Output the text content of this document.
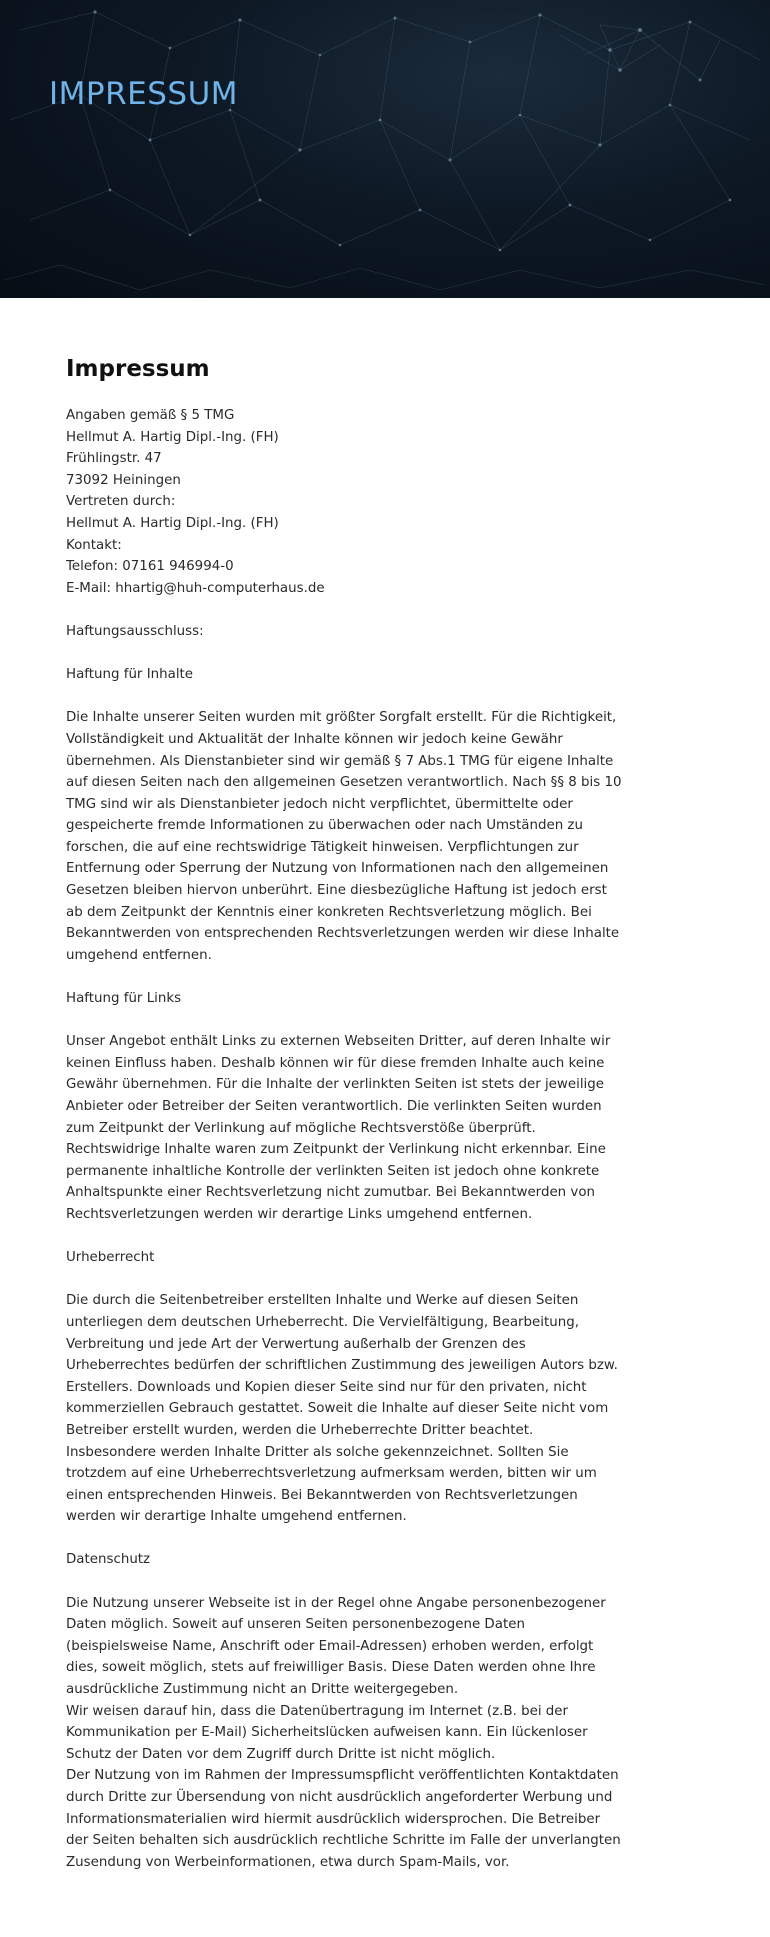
IMPRESSUM
Impressum
Angaben gemäß § 5 TMG
Hellmut A. Hartig Dipl.-Ing. (FH)
Frühlingstr. 47
73092 Heiningen
Vertreten durch:
Hellmut A. Hartig Dipl.-Ing. (FH)
Kontakt:
Telefon: 07161 946994-0
E-Mail: hhartig@huh-computerhaus.de
Haftungsausschluss:
Haftung für Inhalte
Die Inhalte unserer Seiten wurden mit größter Sorgfalt erstellt. Für die Richtigkeit, Vollständigkeit und Aktualität der Inhalte können wir jedoch keine Gewähr übernehmen. Als Dienstanbieter sind wir gemäß § 7 Abs.1 TMG für eigene Inhalte auf diesen Seiten nach den allgemeinen Gesetzen verantwortlich. Nach §§ 8 bis 10 TMG sind wir als Dienstanbieter jedoch nicht verpflichtet, übermittelte oder gespeicherte fremde Informationen zu überwachen oder nach Umständen zu forschen, die auf eine rechtswidrige Tätigkeit hinweisen. Verpflichtungen zur Entfernung oder Sperrung der Nutzung von Informationen nach den allgemeinen Gesetzen bleiben hiervon unberührt. Eine diesbezügliche Haftung ist jedoch erst ab dem Zeitpunkt der Kenntnis einer konkreten Rechtsverletzung möglich. Bei Bekanntwerden von entsprechenden Rechtsverletzungen werden wir diese Inhalte umgehend entfernen.
Haftung für Links
Unser Angebot enthält Links zu externen Webseiten Dritter, auf deren Inhalte wir keinen Einfluss haben. Deshalb können wir für diese fremden Inhalte auch keine Gewähr übernehmen. Für die Inhalte der verlinkten Seiten ist stets der jeweilige Anbieter oder Betreiber der Seiten verantwortlich. Die verlinkten Seiten wurden zum Zeitpunkt der Verlinkung auf mögliche Rechtsverstöße überprüft. Rechtswidrige Inhalte waren zum Zeitpunkt der Verlinkung nicht erkennbar. Eine permanente inhaltliche Kontrolle der verlinkten Seiten ist jedoch ohne konkrete Anhaltspunkte einer Rechtsverletzung nicht zumutbar. Bei Bekanntwerden von Rechtsverletzungen werden wir derartige Links umgehend entfernen.
Urheberrecht
Die durch die Seitenbetreiber erstellten Inhalte und Werke auf diesen Seiten unterliegen dem deutschen Urheberrecht. Die Vervielfältigung, Bearbeitung, Verbreitung und jede Art der Verwertung außerhalb der Grenzen des Urheberrechtes bedürfen der schriftlichen Zustimmung des jeweiligen Autors bzw. Erstellers. Downloads und Kopien dieser Seite sind nur für den privaten, nicht kommerziellen Gebrauch gestattet. Soweit die Inhalte auf dieser Seite nicht vom Betreiber erstellt wurden, werden die Urheberrechte Dritter beachtet. Insbesondere werden Inhalte Dritter als solche gekennzeichnet. Sollten Sie trotzdem auf eine Urheberrechtsverletzung aufmerksam werden, bitten wir um einen entsprechenden Hinweis. Bei Bekanntwerden von Rechtsverletzungen werden wir derartige Inhalte umgehend entfernen.
Datenschutz
Die Nutzung unserer Webseite ist in der Regel ohne Angabe personenbezogener Daten möglich. Soweit auf unseren Seiten personenbezogene Daten (beispielsweise Name, Anschrift oder Email-Adressen) erhoben werden, erfolgt dies, soweit möglich, stets auf freiwilliger Basis. Diese Daten werden ohne Ihre ausdrückliche Zustimmung nicht an Dritte weitergegeben.
Wir weisen darauf hin, dass die Datenübertragung im Internet (z.B. bei der Kommunikation per E-Mail) Sicherheitslücken aufweisen kann. Ein lückenloser Schutz der Daten vor dem Zugriff durch Dritte ist nicht möglich.
Der Nutzung von im Rahmen der Impressumspflicht veröffentlichten Kontaktdaten durch Dritte zur Übersendung von nicht ausdrücklich angeforderter Werbung und Informationsmaterialien wird hiermit ausdrücklich widersprochen. Die Betreiber der Seiten behalten sich ausdrücklich rechtliche Schritte im Falle der unverlangten Zusendung von Werbeinformationen, etwa durch Spam-Mails, vor.
